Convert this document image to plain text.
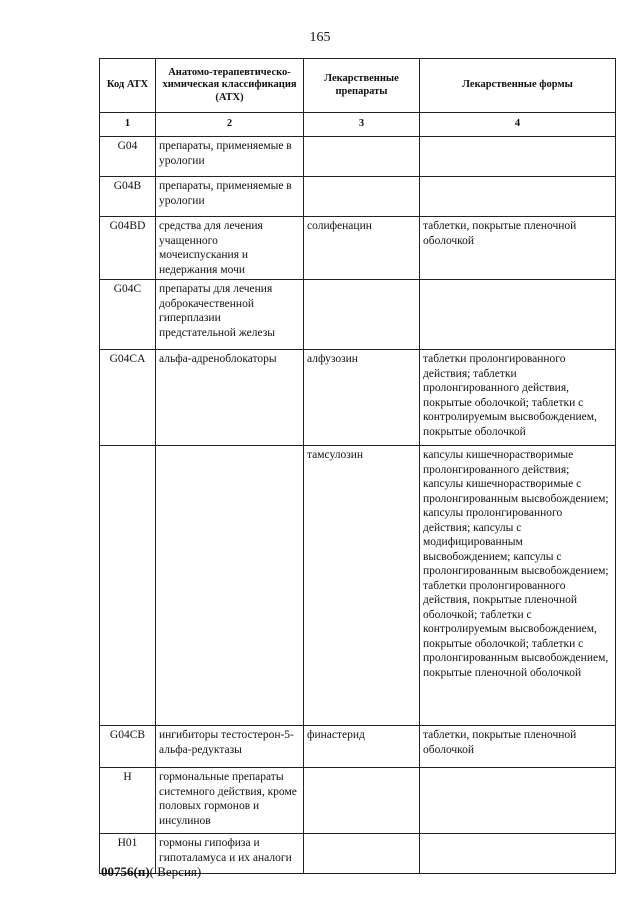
165
Код АТХ	Анатомо-терапевтическо-химическая классификация (АТХ)	Лекарственные препараты	Лекарственные формы
1	2	3	4
G04	препараты, применяемые в урологии		
G04B	препараты, применяемые в урологии		
G04BD	средства для лечения учащенного мочеиспускания и недержания мочи	солифенацин	таблетки, покрытые пленочной оболочкой
G04C	препараты для лечения доброкачественной гиперплазии предстательной железы		
G04CA	альфа-адреноблокаторы	алфузозин	таблетки пролонгированного действия; таблетки пролонгированного действия, покрытые оболочкой; таблетки с контролируемым высвобождением, покрытые оболочкой
		тамсулозин	капсулы кишечнорастворимые пролонгированного действия; капсулы кишечнорастворимые с пролонгированным высвобождением; капсулы пролонгированного действия; капсулы с модифицированным высвобождением; капсулы с пролонгированным высвобождением; таблетки пролонгированного действия, покрытые пленочной оболочкой; таблетки с контролируемым высвобождением, покрытые оболочкой; таблетки с пролонгированным высвобождением, покрытые пленочной оболочкой
G04CB	ингибиторы тестостерон-5-альфа-редуктазы	финастерид	таблетки, покрытые пленочной оболочкой
H	гормональные препараты системного действия, кроме половых гормонов и инсулинов		
H01	гормоны гипофиза и гипоталамуса и их аналоги		
00756(п)( Версия)
